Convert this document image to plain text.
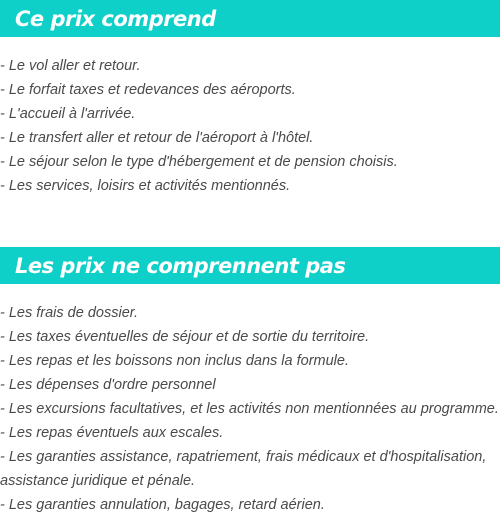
Ce prix comprend
- Le vol aller et retour.
- Le forfait taxes et redevances des aéroports.
- L'accueil à l'arrivée.
- Le transfert aller et retour de l'aéroport à l'hôtel.
- Le séjour selon le type d'hébergement et de pension choisis.
- Les services, loisirs et activités mentionnés.
Les prix ne comprennent pas
- Les frais de dossier.
- Les taxes éventuelles de séjour et de sortie du territoire.
- Les repas et les boissons non inclus dans la formule.
- Les dépenses d'ordre personnel
- Les excursions facultatives, et les activités non mentionnées au programme.
- Les repas éventuels aux escales.
- Les garanties assistance, rapatriement, frais médicaux et d'hospitalisation, assistance juridique et pénale.
- Les garanties annulation, bagages, retard aérien.
